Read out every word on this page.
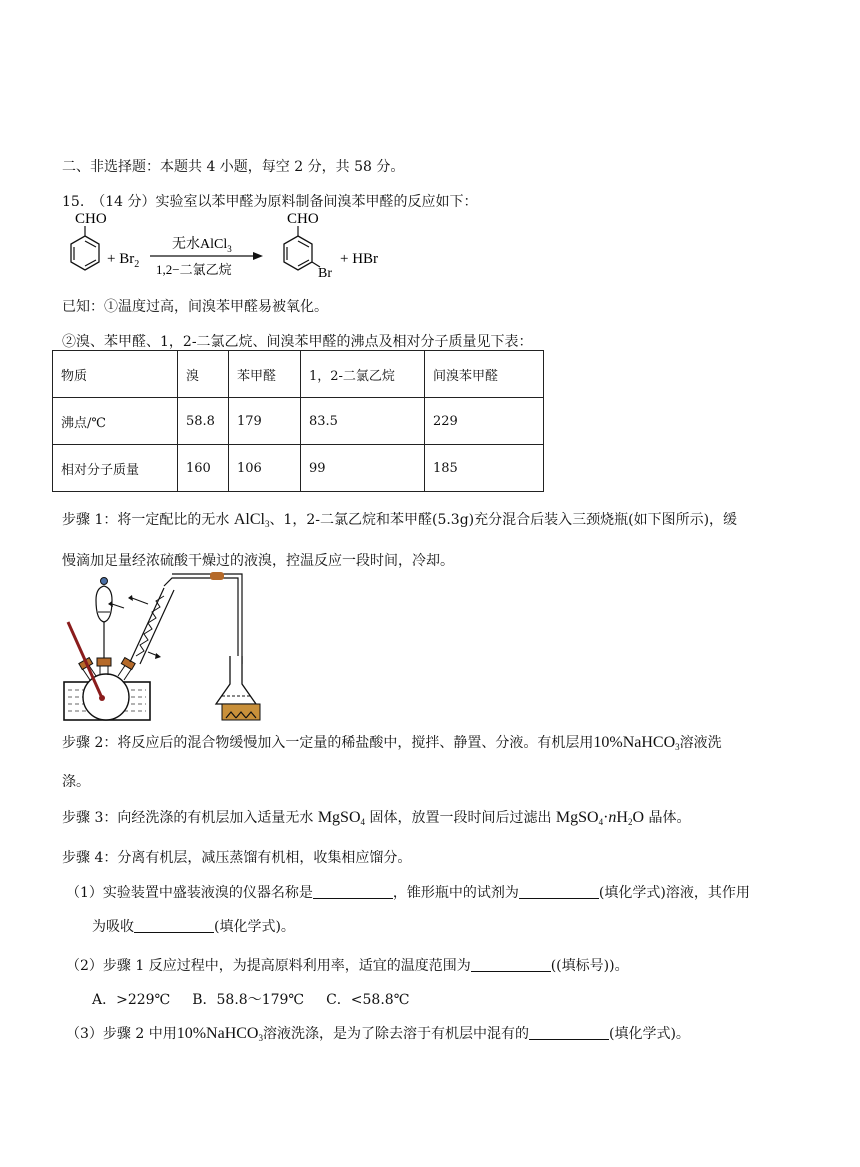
二、非选择题：本题共 4 小题，每空 2 分，共 58 分。
15.　（14 分）实验室以苯甲醛为原料制备间溴苯甲醛的反应如下：
CHO
+ $Br_2$
无水AlCl$_3$
1,2−二氯乙烷
CHO
Br
+ HBr
已知：①温度过高，间溴苯甲醛易被氧化。
②溴、苯甲醛、1，2-二氯乙烷、间溴苯甲醛的沸点及相对分子质量见下表：
物质	溴	苯甲醛	1，2-二氯乙烷	间溴苯甲醛
沸点/℃	58.8	179	83.5	229
相对分子质量	160	106	99	185
步骤 1：将一定配比的无水 AlCl$_3$、1，2-二氯乙烷和苯甲醛(5.3g)充分混合后装入三颈烧瓶(如下图所示)，缓
慢滴加足量经浓硫酸干燥过的液溴，控温反应一段时间，冷却。
步骤 2：将反应后的混合物缓慢加入一定量的稀盐酸中，搅拌、静置、分液。有机层用10%NaHCO$_3$溶液洗
涤。
步骤 3：向经洗涤的有机层加入适量无水 MgSO$_4$ 固体，放置一段时间后过滤出 $MgSO_4\cdot nH_2O$ 晶体。
步骤 4：分离有机层，减压蒸馏有机相，收集相应馏分。
（1）实验装置中盛装液溴的仪器名称是	，锥形瓶中的试剂为	(填化学式)溶液，其作用
为吸收	(填化学式)。
（2）步骤 1 反应过程中，为提高原料利用率，适宜的温度范围为	((填标号))。
A．>229℃ B．58.8～179℃ C．<58.8℃
（3）步骤 2 中用10%NaHCO$_3$溶液洗涤，是为了除去溶于有机层中混有的	(填化学式)。
